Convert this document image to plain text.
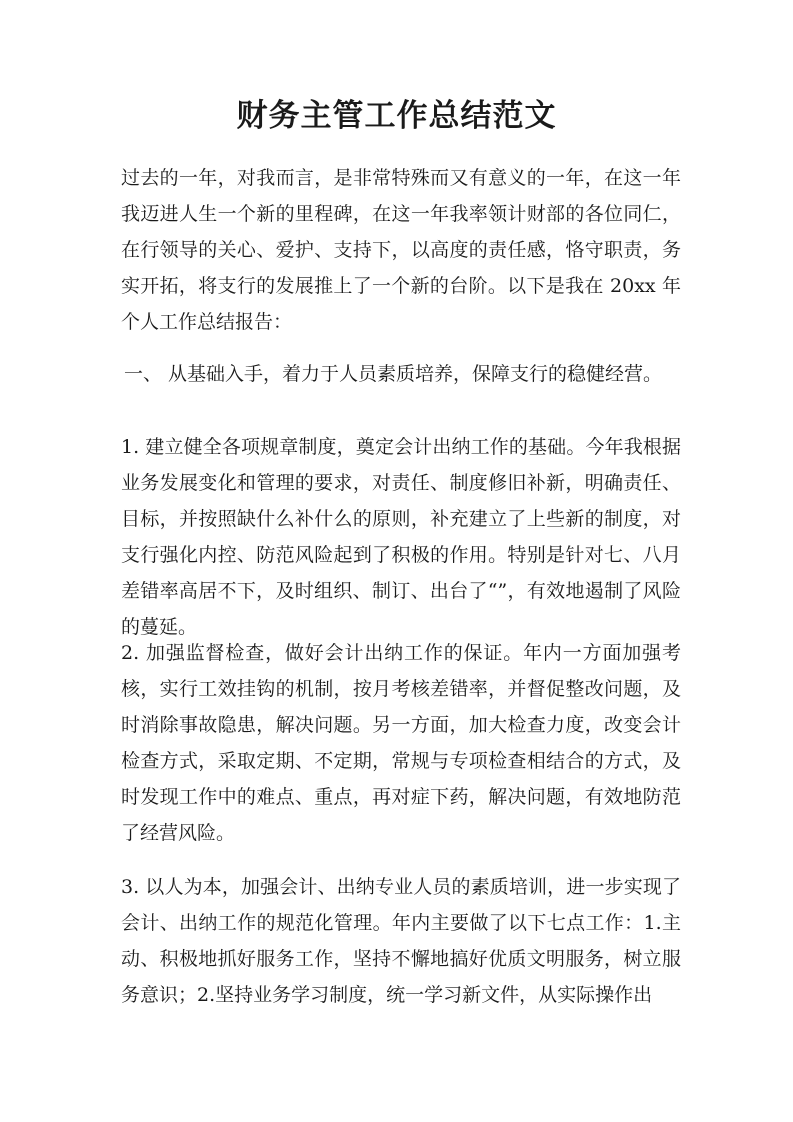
财务主管工作总结范文

过去的一年，对我而言，是非常特殊而又有意义的一年，在这一年我迈进人生一个新的里程碑，在这一年我率领计财部的各位同仁，在行领导的关心、爱护、支持下，以高度的责任感，恪守职责，务实开拓，将支行的发展推上了一个新的台阶。以下是我在 20xx 年个人工作总结报告：

一、 从基础入手，着力于人员素质培养，保障支行的稳健经营。

1. 建立健全各项规章制度，奠定会计出纳工作的基础。今年我根据业务发展变化和管理的要求，对责任、制度修旧补新，明确责任、目标，并按照缺什么补什么的原则，补充建立了上些新的制度，对支行强化内控、防范风险起到了积极的作用。特别是针对七、八月差错率高居不下，及时组织、制订、出台了“”，有效地遏制了风险的蔓延。

2. 加强监督检查，做好会计出纳工作的保证。年内一方面加强考核，实行工效挂钩的机制，按月考核差错率，并督促整改问题，及时消除事故隐患，解决问题。另一方面，加大检查力度，改变会计检查方式，采取定期、不定期，常规与专项检查相结合的方式，及时发现工作中的难点、重点，再对症下药，解决问题，有效地防范了经营风险。

3. 以人为本，加强会计、出纳专业人员的素质培训，进一步实现了会计、出纳工作的规范化管理。年内主要做了以下七点工作：1.主动、积极地抓好服务工作，坚持不懈地搞好优质文明服务，树立服务意识；2.坚持业务学习制度，统一学习新文件，从实际操作出
